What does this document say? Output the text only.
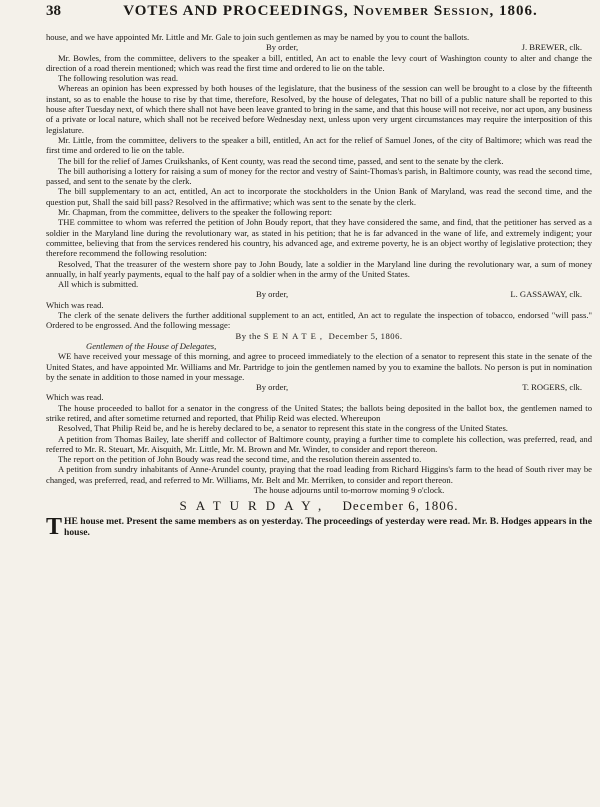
38	VOTES AND PROCEEDINGS, November Session, 1806.

house, and we have appointed Mr. Little and Mr. Gale to join such gentlemen as may be named by you to count the ballots.

By order,	J. BREWER, clk.

Mr. Bowles, from the committee, delivers to the speaker a bill, entitled, An act to enable the levy court of Washington county to alter and change the direction of a road therein mentioned; which was read the first time and ordered to lie on the table.

The following resolution was read.

Whereas an opinion has been expressed by both houses of the legislature, that the business of the session can well be brought to a close by the fifteenth instant, so as to enable the house to rise by that time, therefore, Resolved, by the house of delegates, That no bill of a public nature shall be reported to this house after Tuesday next, of which there shall not have been leave granted to bring in the same, and that this house will not receive, nor act upon, any business of a private or local nature, which shall not be received before Wednesday next, unless upon very urgent circumstances may require the interposition of this legislature.

Mr. Little, from the committee, delivers to the speaker a bill, entitled, An act for the relief of Samuel Jones, of the city of Baltimore; which was read the first time and ordered to lie on the table.

The bill for the relief of James Cruikshanks, of Kent county, was read the second time, passed, and sent to the senate by the clerk.

The bill authorising a lottery for raising a sum of money for the rector and vestry of Saint-Thomas's parish, in Baltimore county, was read the second time, passed, and sent to the senate by the clerk.

The bill supplementary to an act, entitled, An act to incorporate the stockholders in the Union Bank of Maryland, was read the second time, and the question put, Shall the said bill pass? Resolved in the affirmative; which was sent to the senate by the clerk.

Mr. Chapman, from the committee, delivers to the speaker the following report:

THE committee to whom was referred the petition of John Boudy report, that they have considered the same, and find, that the petitioner has served as a soldier in the Maryland line during the revolutionary war, as stated in his petition; that he is far advanced in the wane of life, and extremely indigent; your committee, believing that from the services rendered his country, his advanced age, and extreme poverty, he is an object worthy of legislative protection; they therefore recommend the following resolution:

Resolved, That the treasurer of the western shore pay to John Boudy, late a soldier in the Maryland line during the revolutionary war, a sum of money annually, in half yearly payments, equal to the half pay of a soldier when in the army of the United States.

All which is submitted.

By order,	L. GASSAWAY, clk.

Which was read.

The clerk of the senate delivers the further additional supplement to an act, entitled, An act to regulate the inspection of tobacco, endorsed "will pass." Ordered to be engrossed. And the following message:

By the SENATE, December 5, 1806.

Gentlemen of the House of Delegates,

WE have received your message of this morning, and agree to proceed immediately to the election of a senator to represent this state in the senate of the United States, and have appointed Mr. Williams and Mr. Partridge to join the gentlemen named by you to examine the ballots. No person is put in nomination by the senate in addition to those named in your message.

By order,	T. ROGERS, clk.

Which was read.

The house proceeded to ballot for a senator in the congress of the United States; the ballots being deposited in the ballot box, the gentlemen named to strike retired, and after sometime returned and reported, that Philip Reid was elected. Whereupon

Resolved, That Philip Reid be, and he is hereby declared to be, a senator to represent this state in the congress of the United States.

A petition from Thomas Bailey, late sheriff and collector of Baltimore county, praying a further time to complete his collection, was preferred, read, and referred to Mr. R. Steuart, Mr. Aisquith, Mr. Little, Mr. M. Brown and Mr. Winder, to consider and report thereon.

The report on the petition of John Boudy was read the second time, and the resolution therein assented to.

A petition from sundry inhabitants of Anne-Arundel county, praying that the road leading from Richard Higgins's farm to the head of South river may be changed, was preferred, read, and referred to Mr. Williams, Mr. Belt and Mr. Merriken, to consider and report thereon.

The house adjourns until to-morrow morning 9 o'clock.

SATURDAY, December 6, 1806.

THE house met. Present the same members as on yesterday. The proceedings of yesterday were read. Mr. B. Hodges appears in the house.
